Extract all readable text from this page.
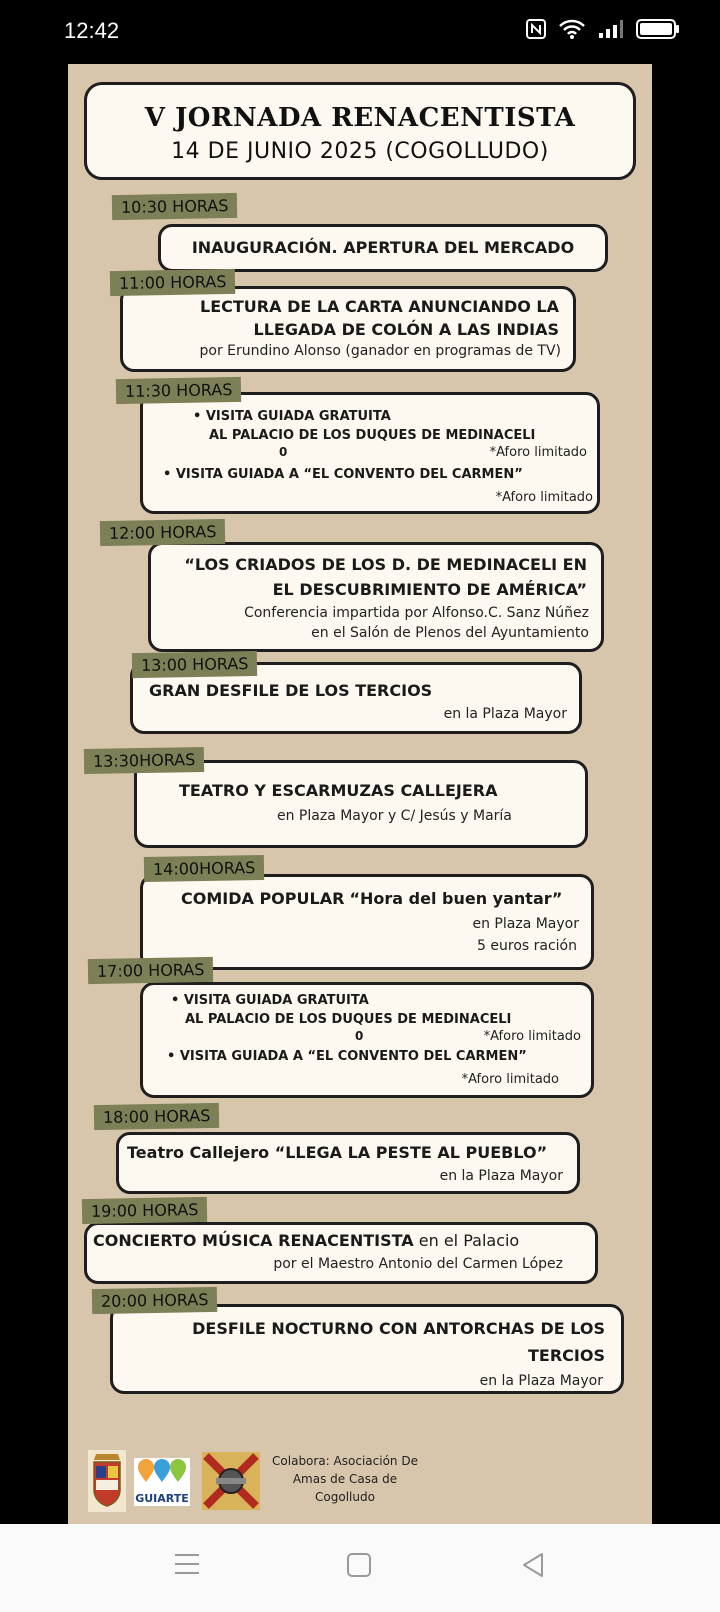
12:42
V JORNADA RENACENTISTA
14 DE JUNIO 2025 (COGOLLUDO)
10:30 HORAS
INAUGURACIÓN. APERTURA DEL MERCADO
11:00 HORAS
LECTURA DE LA CARTA ANUNCIANDO LA
LLEGADA DE COLÓN A LAS INDIAS
por Erundino Alonso (ganador en programas de TV)
11:30 HORAS
• VISITA GUIADA GRATUITA
AL PALACIO DE LOS DUQUES DE MEDINACELI
0	*Aforo limitado
• VISITA GUIADA A “EL CONVENTO DEL CARMEN”
*Aforo limitado
12:00 HORAS
“LOS CRIADOS DE LOS D. DE MEDINACELI EN
EL DESCUBRIMIENTO DE AMÉRICA”
Conferencia impartida por Alfonso.C. Sanz Núñez
en el Salón de Plenos del Ayuntamiento
13:00 HORAS
GRAN DESFILE DE LOS TERCIOS
en la Plaza Mayor
13:30HORAS
TEATRO Y ESCARMUZAS CALLEJERA
en Plaza Mayor y C/ Jesús y María
14:00HORAS
COMIDA POPULAR “Hora del buen yantar”
en Plaza Mayor
5 euros ración
17:00 HORAS
• VISITA GUIADA GRATUITA
AL PALACIO DE LOS DUQUES DE MEDINACELI
0	*Aforo limitado
• VISITA GUIADA A “EL CONVENTO DEL CARMEN”
*Aforo limitado
18:00 HORAS
Teatro Callejero “LLEGA LA PESTE AL PUEBLO”
en la Plaza Mayor
19:00 HORAS
CONCIERTO MÚSICA RENACENTISTA en el Palacio
por el Maestro Antonio del Carmen López
20:00 HORAS
DESFILE NOCTURNO CON ANTORCHAS DE LOS
TERCIOS
en la Plaza Mayor
GUIARTE
Colabora: Asociación De
Amas de Casa de
Cogolludo
